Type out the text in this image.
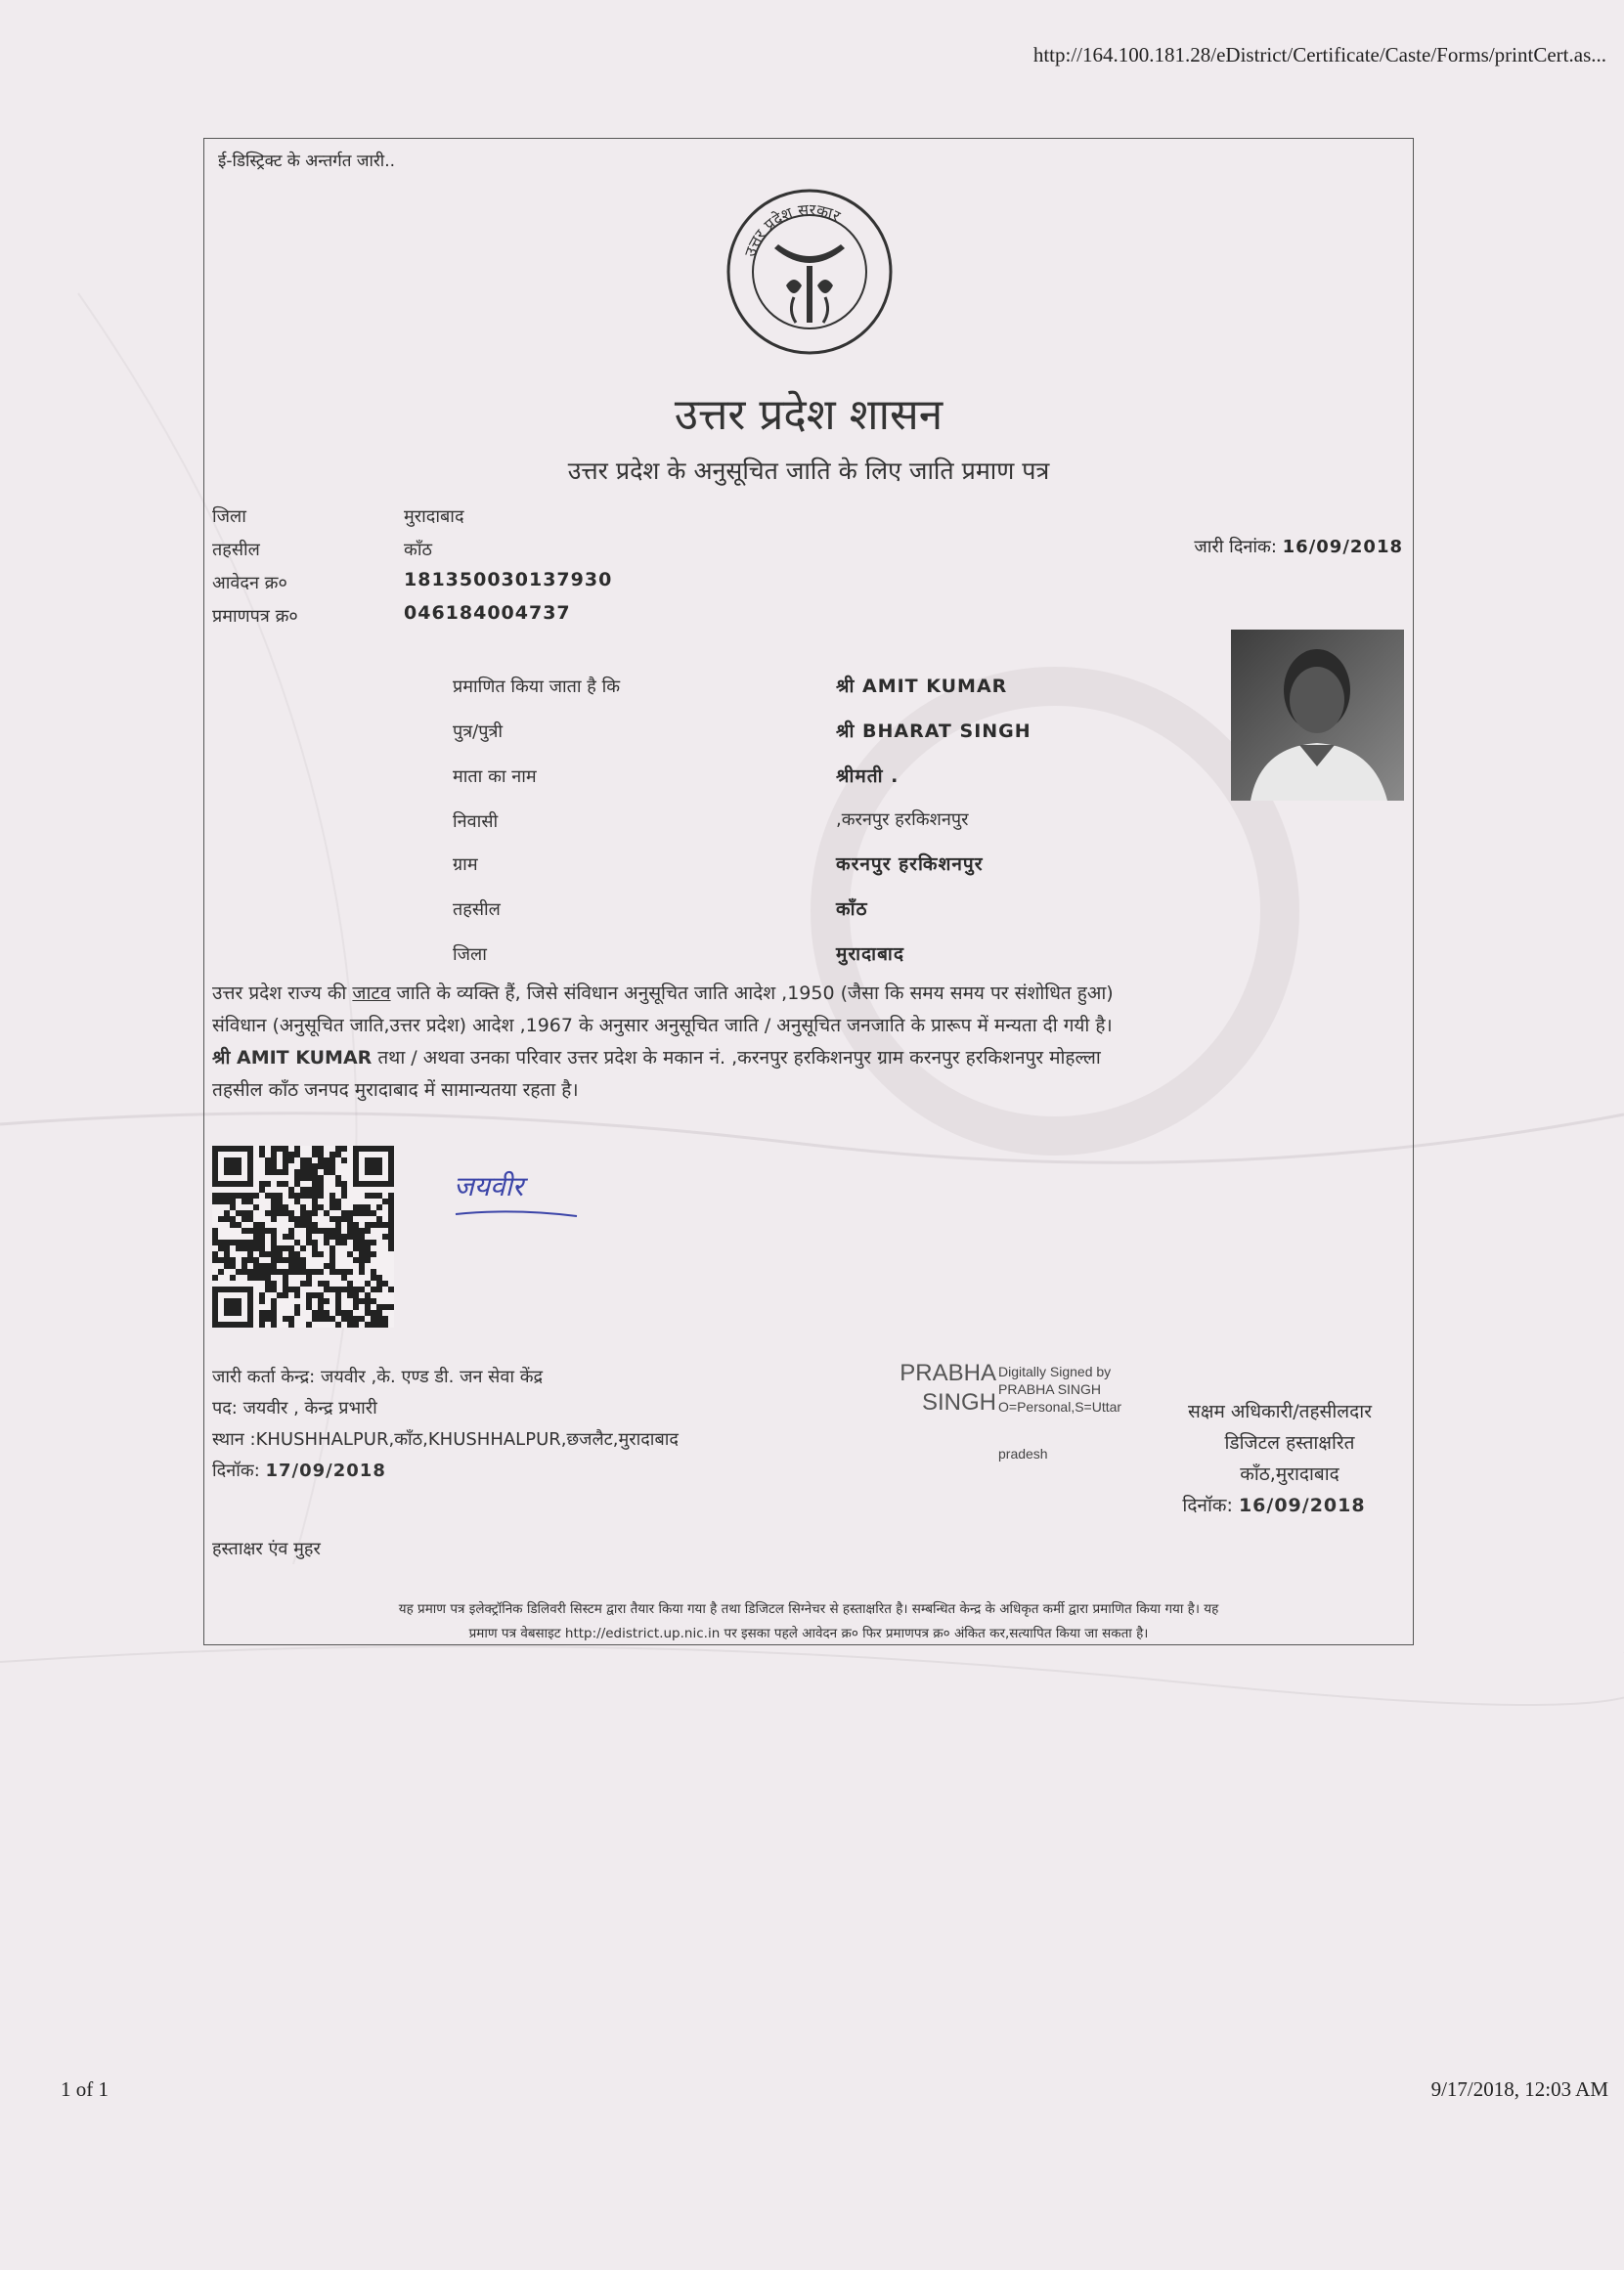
http://164.100.181.28/eDistrict/Certificate/Caste/Forms/printCert.as...
ई-डिस्ट्रिक्ट के अन्तर्गत जारी..
उत्तर प्रदेश सरकार
उत्तर प्रदेश शासन
उत्तर प्रदेश के अनुसूचित जाति के लिए जाति प्रमाण पत्र
जिला	मुरादाबाद
तहसील	कॉंठ
आवेदन क्र०	181350030137930
प्रमाणपत्र क्र०	046184004737
जारी दिनांक: 16/09/2018
प्रमाणित किया जाता है कि	श्री AMIT KUMAR
पुत्र/पुत्री	श्री BHARAT SINGH
माता का नाम	श्रीमती .
निवासी	,करनपुर हरकिशनपुर
ग्राम	करनपुर हरकिशनपुर
तहसील	कॉंठ
जिला	मुरादाबाद
उत्तर प्रदेश राज्य की जाटव जाति के व्यक्ति हैं, जिसे संविधान अनुसूचित जाति आदेश ,1950 (जैसा कि समय समय पर संशोधित हुआ)
संविधान (अनुसूचित जाति,उत्तर प्रदेश) आदेश ,1967 के अनुसार अनुसूचित जाति / अनुसूचित जनजाति के प्रारूप में मन्यता दी गयी है।
श्री AMIT KUMAR तथा / अथवा उनका परिवार उत्तर प्रदेश के मकान नं. ,करनपुर हरकिशनपुर ग्राम करनपुर हरकिशनपुर मोहल्ला
तहसील कॉंठ जनपद मुरादाबाद में सामान्यतया रहता है।
जयवीर
जारी कर्ता केन्द्र: जयवीर ,के. एण्ड डी. जन सेवा केंद्र
पद: जयवीर , केन्द्र प्रभारी
स्थान :KHUSHHALPUR,कॉंठ,KHUSHHALPUR,छजलैट,मुरादाबाद
दिनॉक: 17/09/2018
हस्ताक्षर एंव मुहर
PRABHA
SINGH
Digitally Signed by
PRABHA SINGH
O=Personal,S=Uttar
pradesh
सक्षम अधिकारी/तहसीलदार
डिजिटल हस्ताक्षरित
कॉंठ,मुरादाबाद
दिनॉक: 16/09/2018
यह प्रमाण पत्र इलेक्ट्रॉनिक डिलिवरी सिस्टम द्वारा तैयार किया गया है तथा डिजिटल सिग्नेचर से हस्ताक्षरित है। सम्बन्धित केन्द्र के अधिकृत कर्मी द्वारा प्रमाणित किया गया है। यह
प्रमाण पत्र वेबसाइट http://edistrict.up.nic.in पर इसका पहले आवेदन क्र० फिर प्रमाणपत्र क्र० अंकित कर,सत्यापित किया जा सकता है।
1 of 1	9/17/2018, 12:03 AM
